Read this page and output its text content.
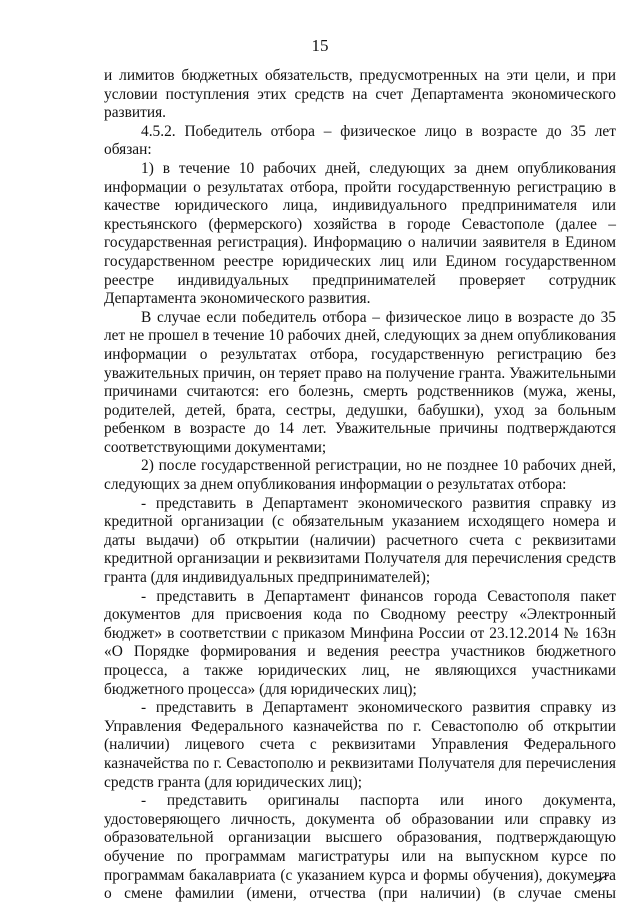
15

и лимитов бюджетных обязательств, предусмотренных на эти цели, и при условии поступления этих средств на счет Департамента экономического развития.

4.5.2. Победитель отбора – физическое лицо в возрасте до 35 лет обязан:

1) в течение 10 рабочих дней, следующих за днем опубликования информации о результатах отбора, пройти государственную регистрацию в качестве юридического лица, индивидуального предпринимателя или крестьянского (фермерского) хозяйства в городе Севастополе (далее – государственная регистрация). Информацию о наличии заявителя в Едином государственном реестре юридических лиц или Едином государственном реестре индивидуальных предпринимателей проверяет сотрудник Департамента экономического развития.

В случае если победитель отбора – физическое лицо в возрасте до 35 лет не прошел в течение 10 рабочих дней, следующих за днем опубликования информации о результатах отбора, государственную регистрацию без уважительных причин, он теряет право на получение гранта. Уважительными причинами считаются: его болезнь, смерть родственников (мужа, жены, родителей, детей, брата, сестры, дедушки, бабушки), уход за больным ребенком в возрасте до 14 лет. Уважительные причины подтверждаются соответствующими документами;

2) после государственной регистрации, но не позднее 10 рабочих дней, следующих за днем опубликования информации о результатах отбора:

- представить в Департамент экономического развития справку из кредитной организации (с обязательным указанием исходящего номера и даты выдачи) об открытии (наличии) расчетного счета с реквизитами кредитной организации и реквизитами Получателя для перечисления средств гранта (для индивидуальных предпринимателей);

- представить в Департамент финансов города Севастополя пакет документов для присвоения кода по Сводному реестру «Электронный бюджет» в соответствии с приказом Минфина России от 23.12.2014 № 163н «О Порядке формирования и ведения реестра участников бюджетного процесса, а также юридических лиц, не являющихся участниками бюджетного процесса» (для юридических лиц);

- представить в Департамент экономического развития справку из Управления Федерального казначейства по г. Севастополю об открытии (наличии) лицевого счета с реквизитами Управления Федерального казначейства по г. Севастополю и реквизитами Получателя для перечисления средств гранта (для юридических лиц);

- представить оригиналы паспорта или иного документа, удостоверяющего личность, документа об образовании или справку из образовательной организации высшего образования, подтверждающую обучение по программам магистратуры или на выпускном курсе по программам бакалавриата (с указанием курса и формы обучения), документа о смене фамилии (имени, отчества (при наличии) (в случае смены
